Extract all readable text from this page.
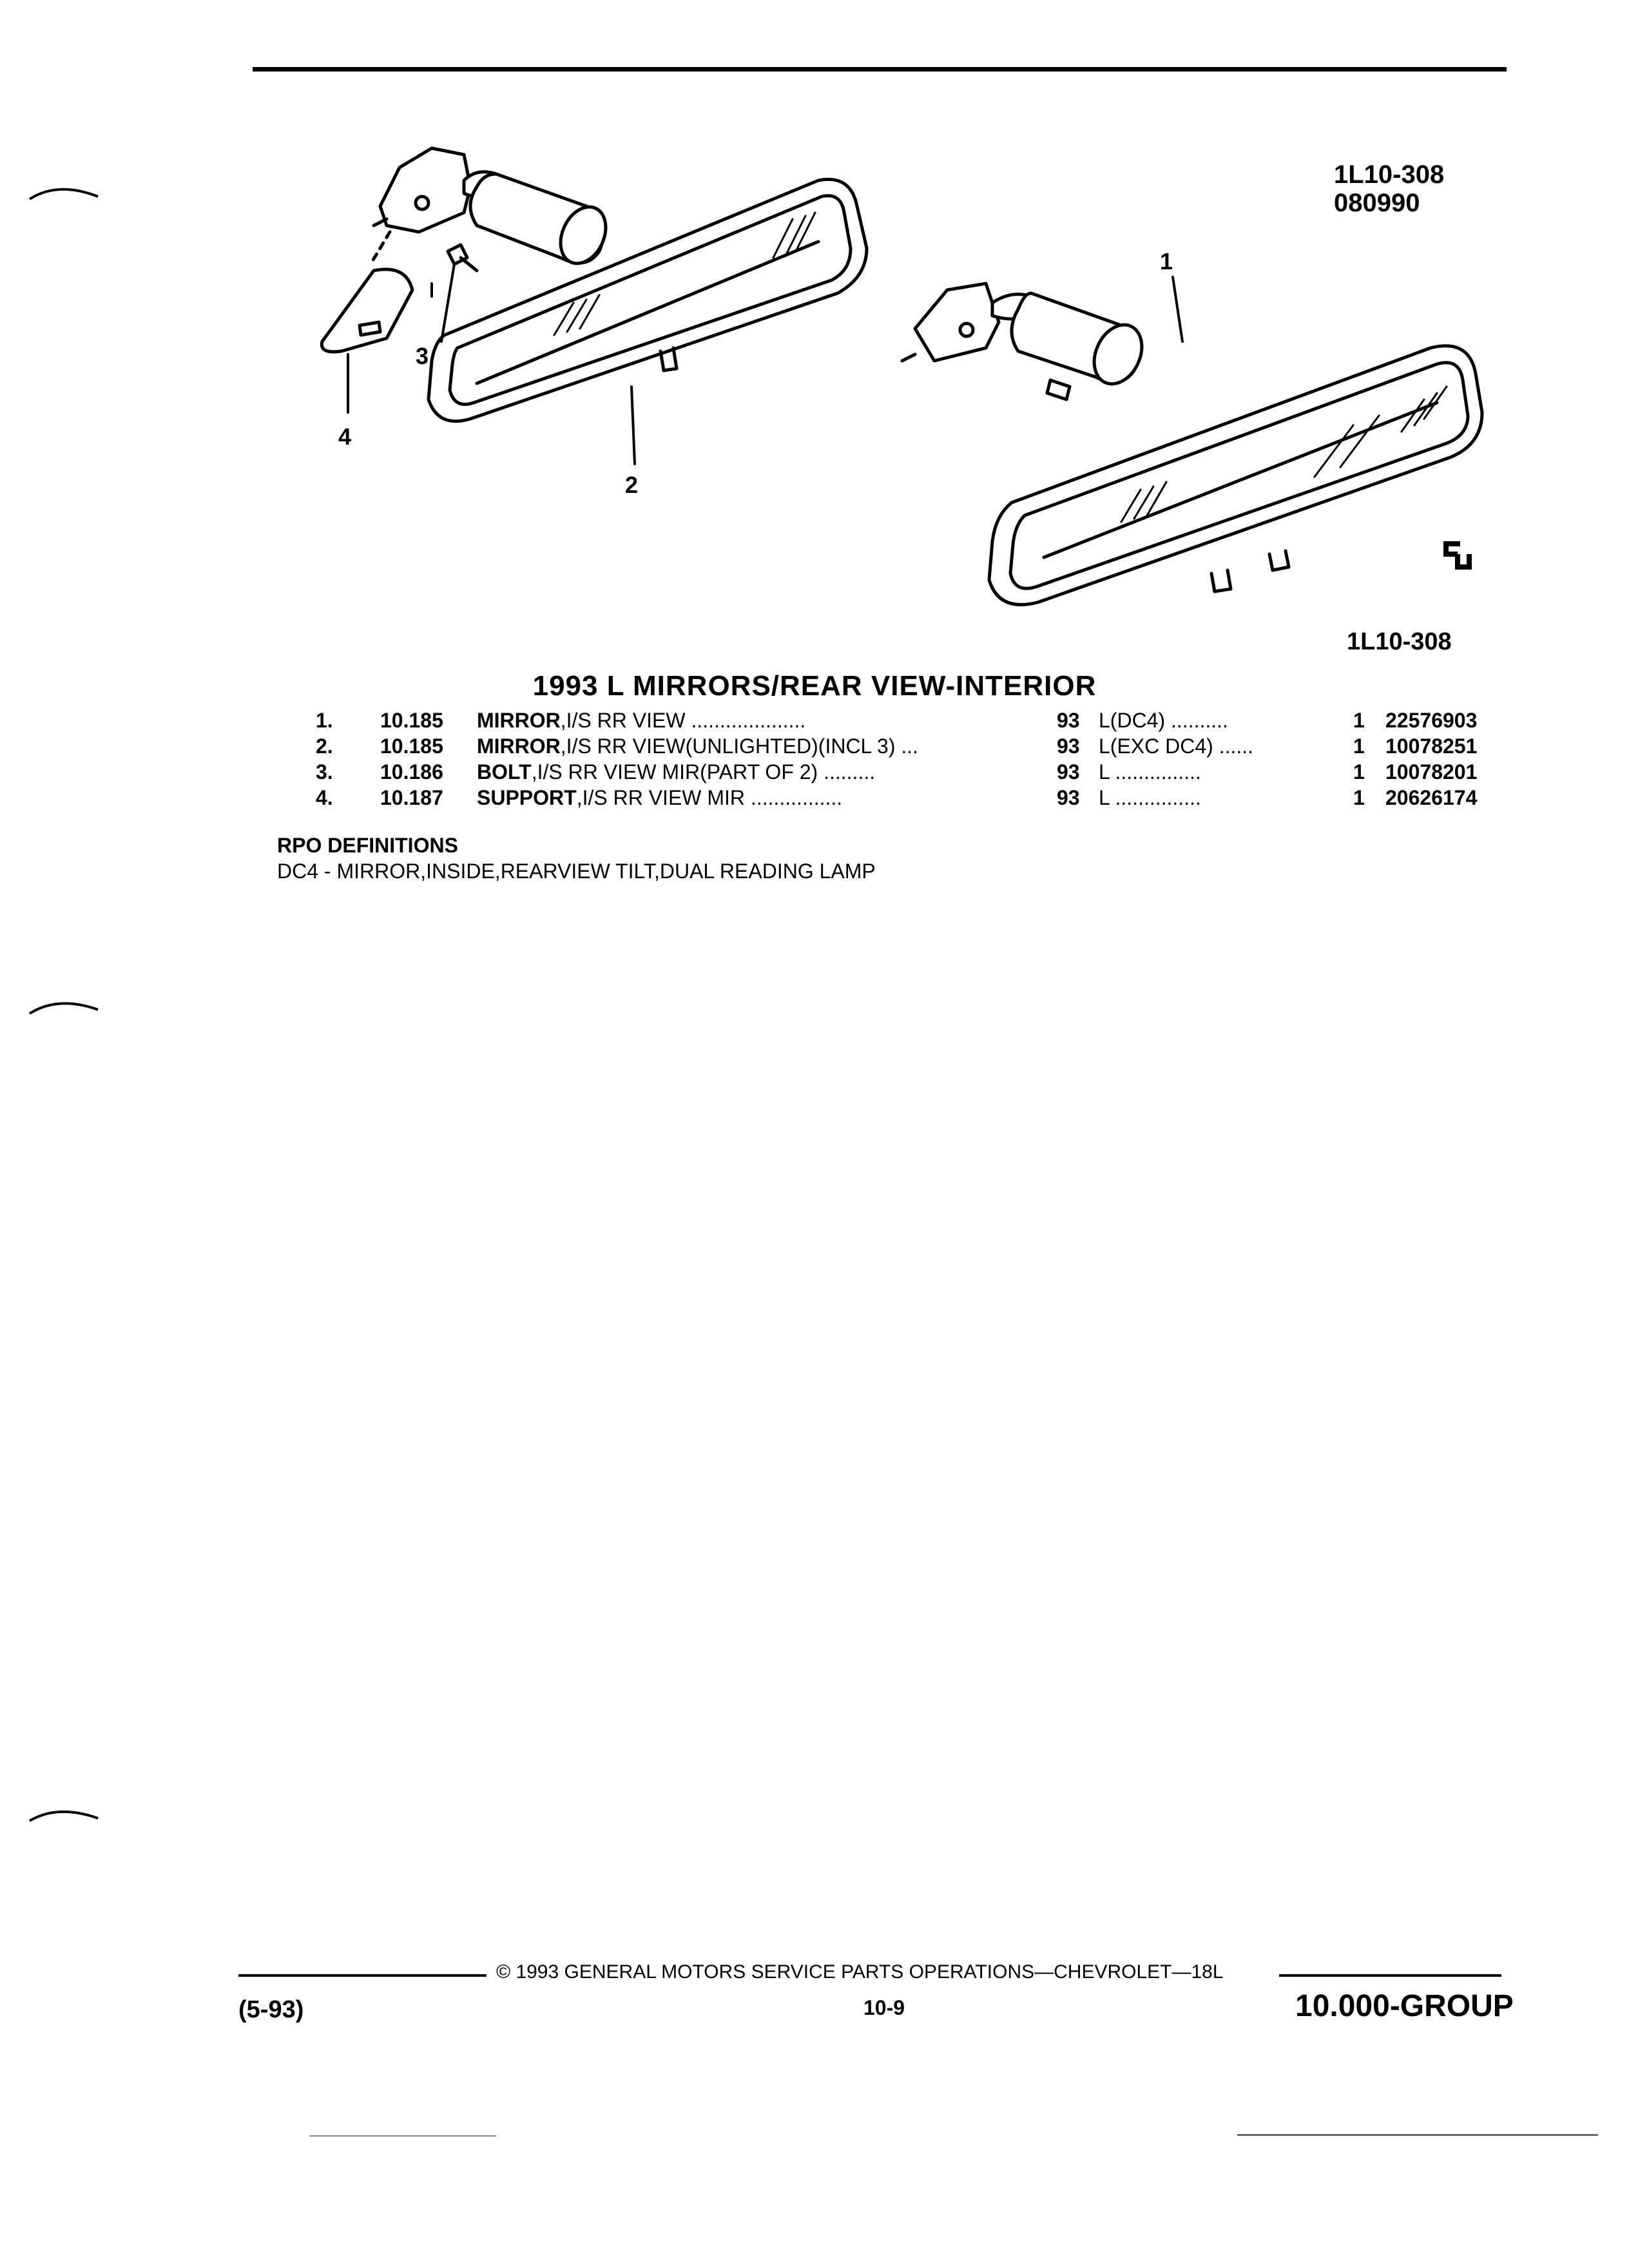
1L10-308
080990
1
2
3
4
1L10-308
1993 L MIRRORS/REAR VIEW-INTERIOR
1. 10.185 MIRROR,I/S RR VIEW ....................	93 L(DC4) ..........	1 22576903
2. 10.185 MIRROR,I/S RR VIEW(UNLIGHTED)(INCL 3) ...	93 L(EXC DC4) ......	1 10078251
3. 10.186 BOLT,I/S RR VIEW MIR(PART OF 2) .........	93 L ...............	1 10078201
4. 10.187 SUPPORT,I/S RR VIEW MIR ................	93 L ...............	1 20626174
RPO DEFINITIONS
DC4 - MIRROR,INSIDE,REARVIEW TILT,DUAL READING LAMP
© 1993 GENERAL MOTORS SERVICE PARTS OPERATIONS—CHEVROLET—18L
(5-93)	10-9	10.000-GROUP
